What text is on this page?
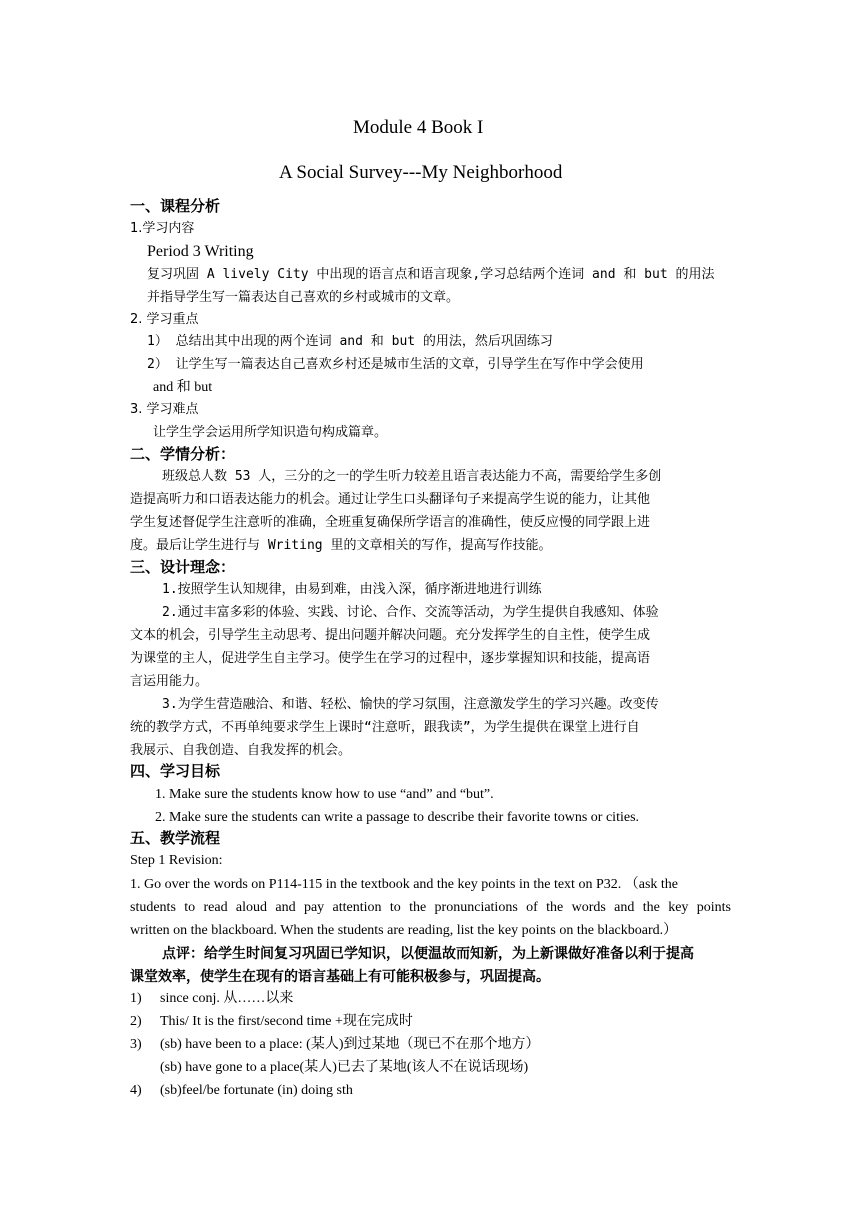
Module 4 Book I
A Social Survey---My Neighborhood
一、课程分析
1.学习内容
Period 3 Writing
复习巩固 A lively City 中出现的语言点和语言现象,学习总结两个连词 and 和 but 的用法
并指导学生写一篇表达自己喜欢的乡村或城市的文章。
2. 学习重点
1） 总结出其中出现的两个连词 and 和 but 的用法，然后巩固练习
2） 让学生写一篇表达自己喜欢乡村还是城市生活的文章，引导学生在写作中学会使用
and 和 but
3. 学习难点
让学生学会运用所学知识造句构成篇章。
二、学情分析：
班级总人数 53 人，三分的之一的学生听力较差且语言表达能力不高，需要给学生多创
造提高听力和口语表达能力的机会。通过让学生口头翻译句子来提高学生说的能力，让其他
学生复述督促学生注意听的准确，全班重复确保所学语言的准确性，使反应慢的同学跟上进
度。最后让学生进行与 Writing 里的文章相关的写作，提高写作技能。
三、设计理念：
1.按照学生认知规律，由易到难，由浅入深，循序渐进地进行训练
2.通过丰富多彩的体验、实践、讨论、合作、交流等活动，为学生提供自我感知、体验
文本的机会，引导学生主动思考、提出问题并解决问题。充分发挥学生的自主性，使学生成
为课堂的主人，促进学生自主学习。使学生在学习的过程中，逐步掌握知识和技能，提高语
言运用能力。
3.为学生营造融洽、和谐、轻松、愉快的学习氛围，注意激发学生的学习兴趣。改变传
统的教学方式，不再单纯要求学生上课时“注意听，跟我读”，为学生提供在课堂上进行自
我展示、自我创造、自我发挥的机会。
四、学习目标
1. Make sure the students know how to use “and” and “but”.
2. Make sure the students can write a passage to describe their favorite towns or cities.
五、教学流程
Step 1 Revision:
1. Go over the words on P114-115 in the textbook and the key points in the text on P32. （ask the
students to read aloud and pay attention to the pronunciations of the words and the key points
written on the blackboard. When the students are reading, list the key points on the blackboard.）
点评：给学生时间复习巩固已学知识，以便温故而知新，为上新课做好准备以利于提高
课堂效率，使学生在现有的语言基础上有可能积极参与，巩固提高。
1) since conj. 从……以来
2) This/ It is the first/second time +现在完成时
3) (sb) have been to a place: (某人)到过某地（现已不在那个地方）
(sb) have gone to a place(某人)已去了某地(该人不在说话现场)
4) (sb)feel/be fortunate (in) doing sth
